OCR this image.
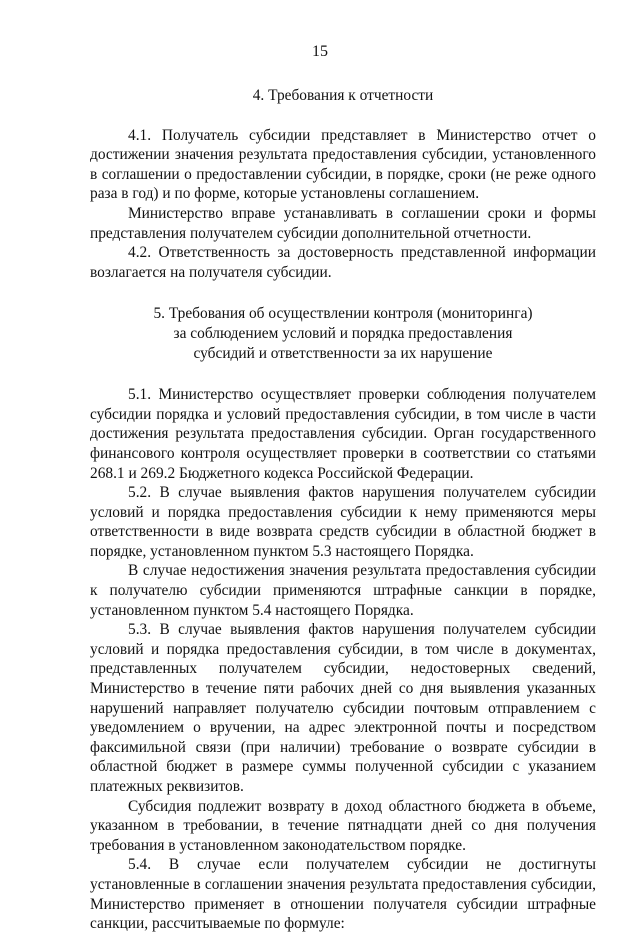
15
4. Требования к отчетности

4.1. Получатель субсидии представляет в Министерство отчет о достижении значения результата предоставления субсидии, установленного в соглашении о предоставлении субсидии, в порядке, сроки (не реже одного раза в год) и по форме, которые установлены соглашением.

Министерство вправе устанавливать в соглашении сроки и формы представления получателем субсидии дополнительной отчетности.

4.2. Ответственность за достоверность представленной информации возлагается на получателя субсидии.

5. Требования об осуществлении контроля (мониторинга)
за соблюдением условий и порядка предоставления
субсидий и ответственности за их нарушение

5.1. Министерство осуществляет проверки соблюдения получателем субсидии порядка и условий предоставления субсидии, в том числе в части достижения результата предоставления субсидии. Орган государственного финансового контроля осуществляет проверки в соответствии со статьями 268.1 и 269.2 Бюджетного кодекса Российской Федерации.

5.2. В случае выявления фактов нарушения получателем субсидии условий и порядка предоставления субсидии к нему применяются меры ответственности в виде возврата средств субсидии в областной бюджет в порядке, установленном пунктом 5.3 настоящего Порядка.

В случае недостижения значения результата предоставления субсидии к получателю субсидии применяются штрафные санкции в порядке, установленном пунктом 5.4 настоящего Порядка.

5.3. В случае выявления фактов нарушения получателем субсидии условий и порядка предоставления субсидии, в том числе в документах, представленных получателем субсидии, недостоверных сведений, Министерство в течение пяти рабочих дней со дня выявления указанных нарушений направляет получателю субсидии почтовым отправлением с уведомлением о вручении, на адрес электронной почты и посредством факсимильной связи (при наличии) требование о возврате субсидии в областной бюджет в размере суммы полученной субсидии с указанием платежных реквизитов.

Субсидия подлежит возврату в доход областного бюджета в объеме, указанном в требовании, в течение пятнадцати дней со дня получения требования в установленном законодательством порядке.

5.4. В случае если получателем субсидии не достигнуты установленные в соглашении значения результата предоставления субсидии, Министерство применяет в отношении получателя субсидии штрафные санкции, рассчитываемые по формуле:
